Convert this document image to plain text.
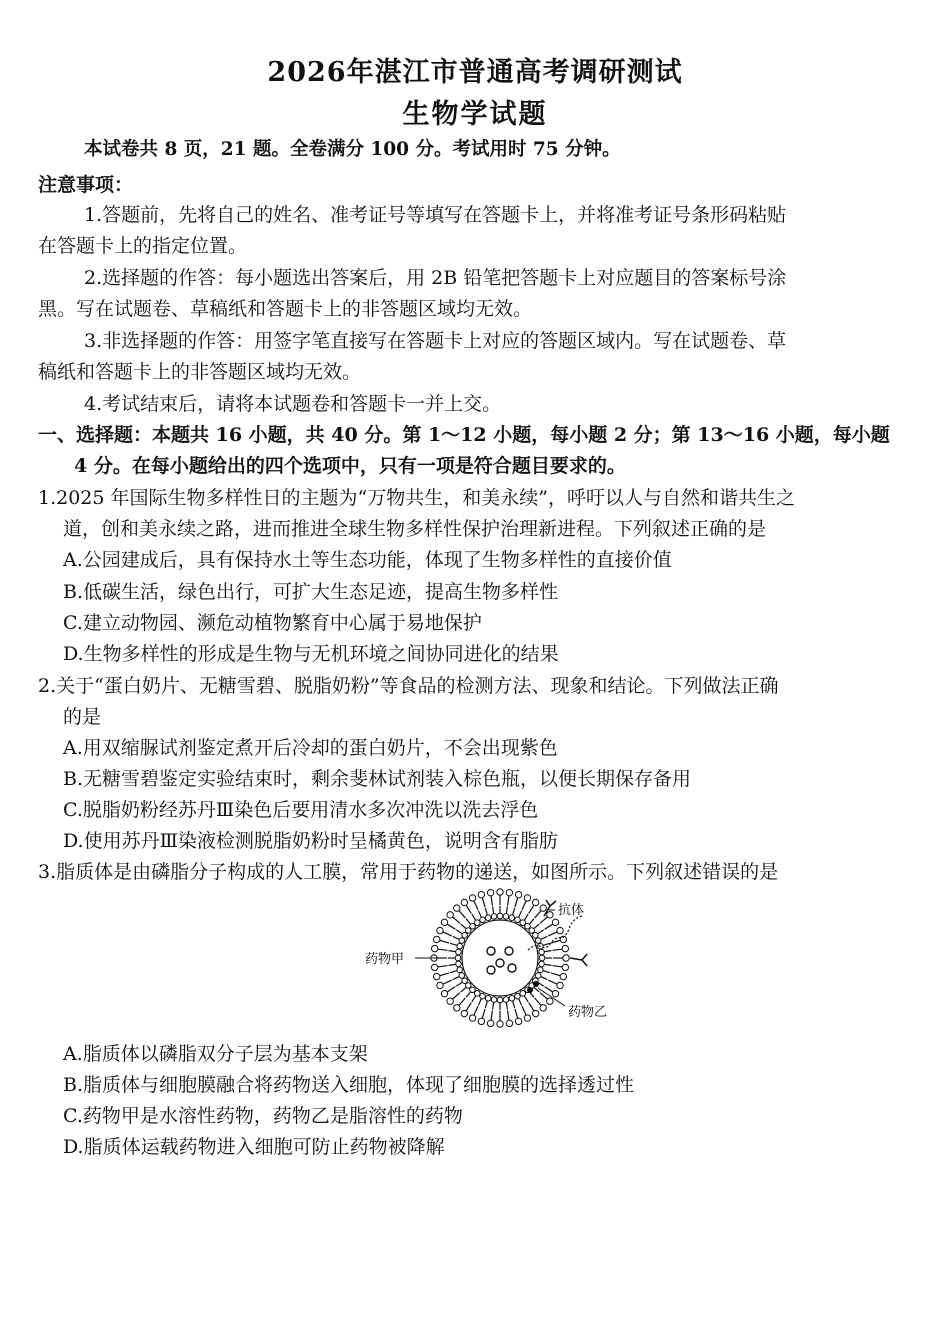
2026年湛江市普通高考调研测试
生物学试题
本试卷共 8 页，21 题。全卷满分 100 分。考试用时 75 分钟。
注意事项：
1.答题前，先将自己的姓名、准考证号等填写在答题卡上，并将准考证号条形码粘贴
在答题卡上的指定位置。
2.选择题的作答：每小题选出答案后，用 2B 铅笔把答题卡上对应题目的答案标号涂
黑。写在试题卷、草稿纸和答题卡上的非答题区域均无效。
3.非选择题的作答：用签字笔直接写在答题卡上对应的答题区域内。写在试题卷、草
稿纸和答题卡上的非答题区域均无效。
4.考试结束后，请将本试题卷和答题卡一并上交。
一、选择题：本题共 16 小题，共 40 分。第 1～12 小题，每小题 2 分；第 13～16 小题，每小题
4 分。在每小题给出的四个选项中，只有一项是符合题目要求的。
1.2025 年国际生物多样性日的主题为“万物共生，和美永续”，呼吁以人与自然和谐共生之
道，创和美永续之路，进而推进全球生物多样性保护治理新进程。下列叙述正确的是
A.公园建成后，具有保持水土等生态功能，体现了生物多样性的直接价值
B.低碳生活，绿色出行，可扩大生态足迹，提高生物多样性
C.建立动物园、濒危动植物繁育中心属于易地保护
D.生物多样性的形成是生物与无机环境之间协同进化的结果
2.关于“蛋白奶片、无糖雪碧、脱脂奶粉”等食品的检测方法、现象和结论。下列做法正确
的是
A.用双缩脲试剂鉴定煮开后冷却的蛋白奶片，不会出现紫色
B.无糖雪碧鉴定实验结束时，剩余斐林试剂装入棕色瓶，以便长期保存备用
C.脱脂奶粉经苏丹Ⅲ染色后要用清水多次冲洗以洗去浮色
D.使用苏丹Ⅲ染液检测脱脂奶粉时呈橘黄色，说明含有脂肪
3.脂质体是由磷脂分子构成的人工膜，常用于药物的递送，如图所示。下列叙述错误的是
抗体
药物甲
药物乙
A.脂质体以磷脂双分子层为基本支架
B.脂质体与细胞膜融合将药物送入细胞，体现了细胞膜的选择透过性
C.药物甲是水溶性药物，药物乙是脂溶性的药物
D.脂质体运载药物进入细胞可防止药物被降解
